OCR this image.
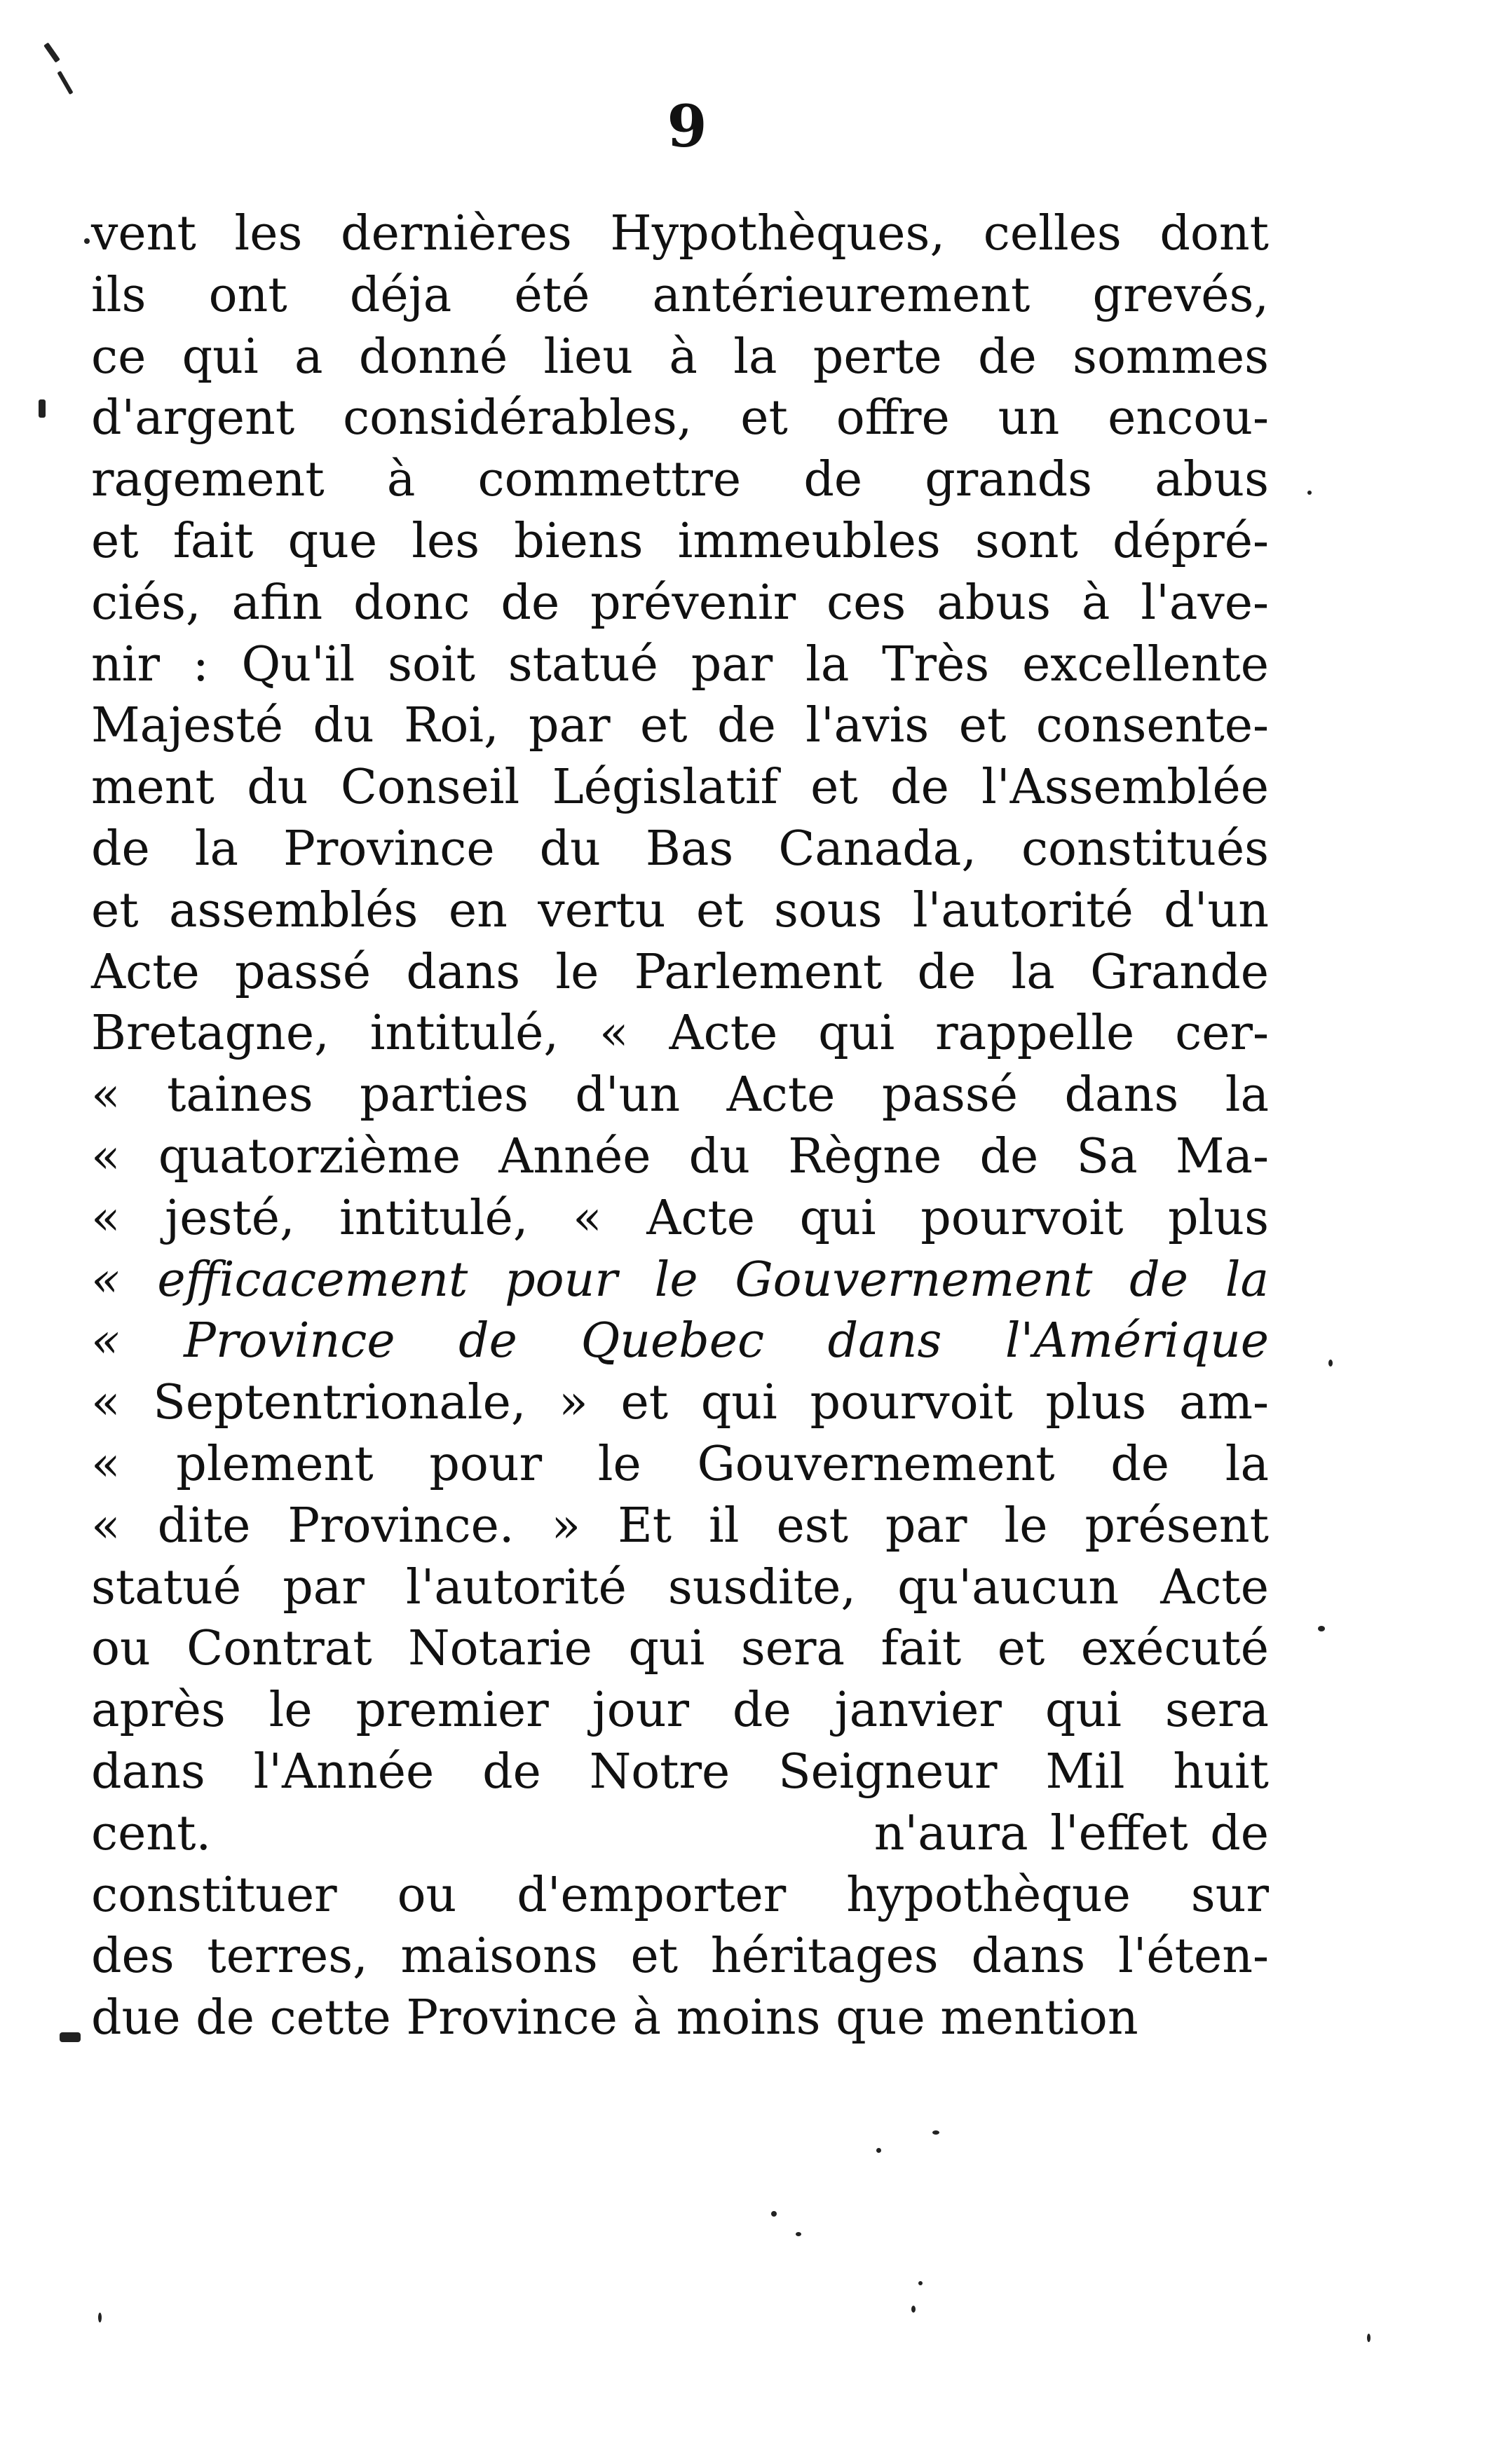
9
vent les dernières Hypothèques, celles dont
ils ont déja été antérieurement grevés,
ce qui a donné lieu à la perte de sommes
d'argent considérables, et offre un encou-
ragement à commettre de grands abus
et fait que les biens immeubles sont dépré-
ciés, afin donc de prévenir ces abus à l'ave-
nir : Qu'il soit statué par la Très excellente
Majesté du Roi, par et de l'avis et consente-
ment du Conseil Législatif et de l'Assemblée
de la Province du Bas Canada, constitués
et assemblés en vertu et sous l'autorité d'un
Acte passé dans le Parlement de la Grande
Bretagne, intitulé, « Acte qui rappelle cer-
« taines parties d'un Acte passé dans la
« quatorzième Année du Règne de Sa Ma-
« jesté, intitulé, « Acte qui pourvoit plus
« efficacement pour le Gouvernement de la
« Province de Quebec dans l'Amérique
« Septentrionale, » et qui pourvoit plus am-
« plement pour le Gouvernement de la
« dite Province. » Et il est par le présent
statué par l'autorité susdite, qu'aucun Acte
ou Contrat Notarie qui sera fait et exécuté
après le premier jour de janvier qui sera
dans l'Année de Notre Seigneur Mil huit
cent.                              n'aura l'effet de
constituer ou d'emporter hypothèque sur
des terres, maisons et héritages dans l'éten-
due de cette Province à moins que mention
